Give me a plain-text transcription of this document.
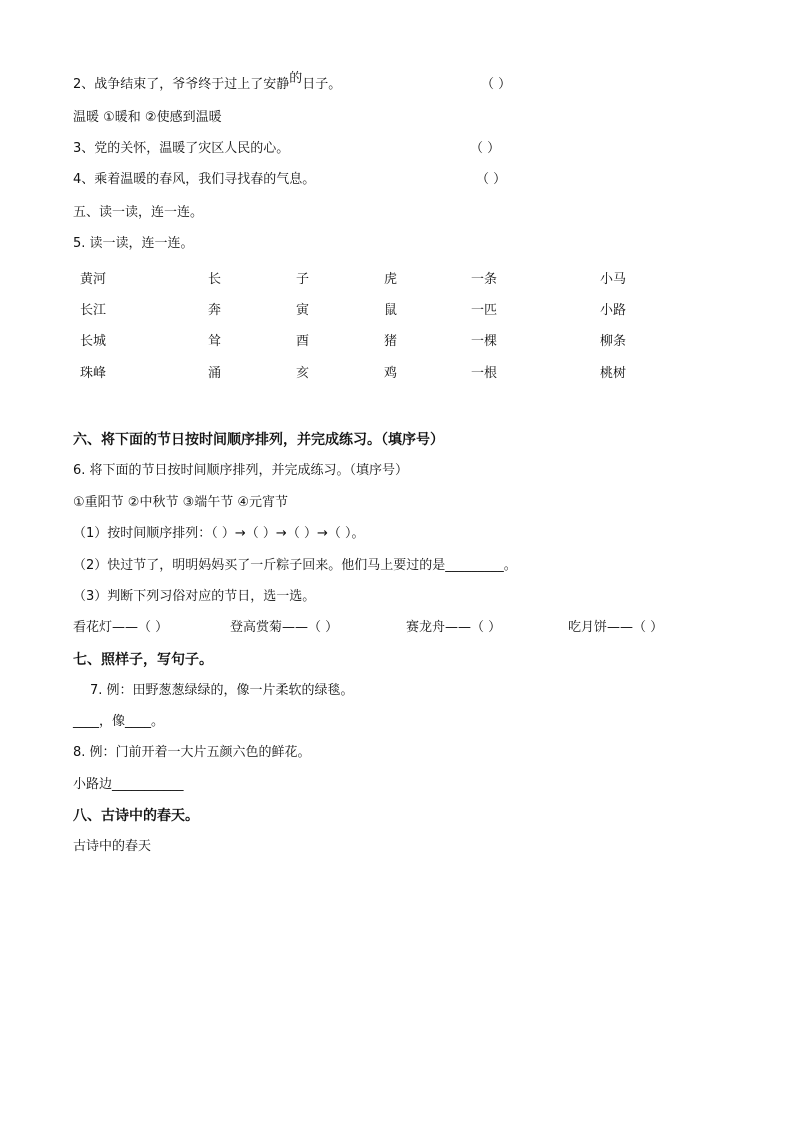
2、战争结束了，爷爷终于过上了安静的日子。	（ ）
温暖 ①暖和 ②使感到温暖
3、党的关怀，温暖了灾区人民的心。	（ ）
4、乘着温暖的春风，我们寻找春的气息。	（ ）
五、读一读，连一连。
5. 读一读，连一连。
黄河	长	子	虎	一条	小马
长江	奔	寅	鼠	一匹	小路
长城	耸	酉	猪	一棵	柳条
珠峰	涌	亥	鸡	一根	桃树
六、将下面的节日按时间顺序排列，并完成练习。（填序号）
6. 将下面的节日按时间顺序排列，并完成练习。（填序号）
①重阳节 ②中秋节 ③端午节 ④元宵节
（1）按时间顺序排列：（ ）→（ ）→（ ）→（ ）。
（2）快过节了，明明妈妈买了一斤粽子回来。他们马上要过的是_________。
（3）判断下列习俗对应的节日，选一选。
看花灯——（ ）	登高赏菊——（ ）	赛龙舟——（ ）	吃月饼——（ ）
七、照样子，写句子。
7. 例：田野葱葱绿绿的，像一片柔软的绿毯。
____，像____。
8. 例：门前开着一大片五颜六色的鲜花。
小路边___________
八、古诗中的春天。
古诗中的春天
